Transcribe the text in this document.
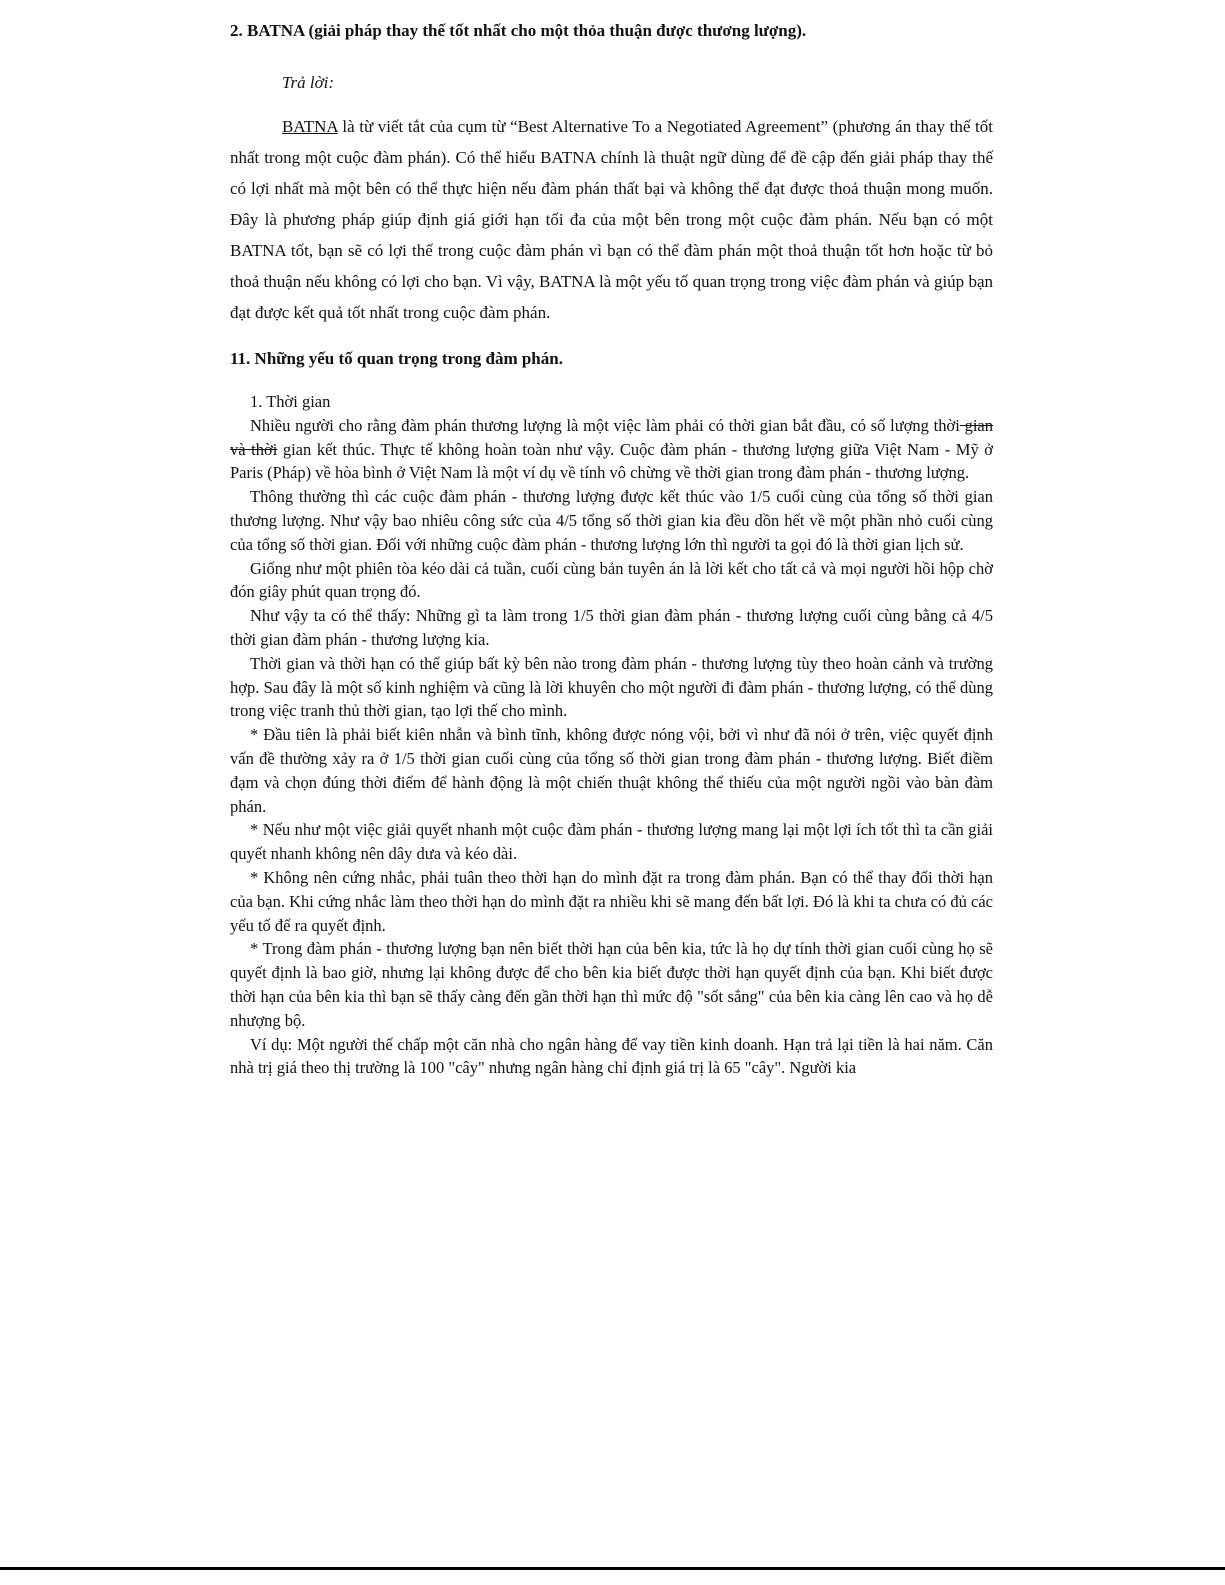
2. BATNA (giải pháp thay thế tốt nhất cho một thỏa thuận được thương lượng).
Trả lời:

BATNA là từ viết tắt của cụm từ “Best Alternative To a Negotiated Agreement” (phương án thay thế tốt nhất trong một cuộc đàm phán). Có thể hiểu BATNA chính là thuật ngữ dùng để đề cập đến giải pháp thay thế có lợi nhất mà một bên có thể thực hiện nếu đàm phán thất bại và không thể đạt được thoả thuận mong muốn. Đây là phương pháp giúp định giá giới hạn tối đa của một bên trong một cuộc đàm phán. Nếu bạn có một BATNA tốt, bạn sẽ có lợi thế trong cuộc đàm phán vì bạn có thể đàm phán một thoả thuận tốt hơn hoặc từ bỏ thoả thuận nếu không có lợi cho bạn. Vì vậy, BATNA là một yếu tố quan trọng trong việc đàm phán và giúp bạn đạt được kết quả tốt nhất trong cuộc đàm phán.

11. Những yếu tố quan trọng trong đàm phán.

1. Thời gian

Nhiều người cho rằng đàm phán thương lượng là một việc làm phải có thời gian bắt đầu, có số lượng thời gian và thời gian kết thúc. Thực tế không hoàn toàn như vậy. Cuộc đàm phán - thương lượng giữa Việt Nam - Mỹ ở Paris (Pháp) về hòa bình ở Việt Nam là một ví dụ về tính vô chừng về thời gian trong đàm phán - thương lượng.

Thông thường thì các cuộc đàm phán - thương lượng được kết thúc vào 1/5 cuối cùng của tổng số thời gian thương lượng. Như vậy bao nhiêu công sức của 4/5 tổng số thời gian kia đều dồn hết về một phần nhỏ cuối cùng của tổng số thời gian. Đối với những cuộc đàm phán - thương lượng lớn thì người ta gọi đó là thời gian lịch sử.

Giống như một phiên tòa kéo dài cả tuần, cuối cùng bản tuyên án là lời kết cho tất cả và mọi người hồi hộp chờ đón giây phút quan trọng đó.

Như vậy ta có thể thấy: Những gì ta làm trong 1/5 thời gian đàm phán - thương lượng cuối cùng bằng cả 4/5 thời gian đàm phán - thương lượng kia.

Thời gian và thời hạn có thể giúp bất kỳ bên nào trong đàm phán - thương lượng tùy theo hoàn cảnh và trường hợp. Sau đây là một số kinh nghiệm và cũng là lời khuyên cho một người đi đàm phán - thương lượng, có thể dùng trong việc tranh thủ thời gian, tạo lợi thế cho mình.

* Đầu tiên là phải biết kiên nhẫn và bình tĩnh, không được nóng vội, bởi vì như đã nói ở trên, việc quyết định vấn đề thường xảy ra ở 1/5 thời gian cuối cùng của tổng số thời gian trong đàm phán - thương lượng. Biết điềm đạm và chọn đúng thời điểm để hành động là một chiến thuật không thể thiếu của một người ngồi vào bàn đàm phán.

* Nếu như một việc giải quyết nhanh một cuộc đàm phán - thương lượng mang lại một lợi ích tốt thì ta cần giải quyết nhanh không nên dây dưa và kéo dài.

* Không nên cứng nhắc, phải tuân theo thời hạn do mình đặt ra trong đàm phán. Bạn có thể thay đổi thời hạn của bạn. Khi cứng nhắc làm theo thời hạn do mình đặt ra nhiều khi sẽ mang đến bất lợi. Đó là khi ta chưa có đủ các yếu tố để ra quyết định.

* Trong đàm phán - thương lượng bạn nên biết thời hạn của bên kia, tức là họ dự tính thời gian cuối cùng họ sẽ quyết định là bao giờ, nhưng lại không được để cho bên kia biết được thời hạn quyết định của bạn. Khi biết được thời hạn của bên kia thì bạn sẽ thấy càng đến gần thời hạn thì mức độ "sốt sắng" của bên kia càng lên cao và họ dễ nhượng bộ.

Ví dụ: Một người thế chấp một căn nhà cho ngân hàng để vay tiền kinh doanh. Hạn trả lại tiền là hai năm. Căn nhà trị giá theo thị trường là 100 "cây" nhưng ngân hàng chỉ định giá trị là 65 "cây". Người kia
